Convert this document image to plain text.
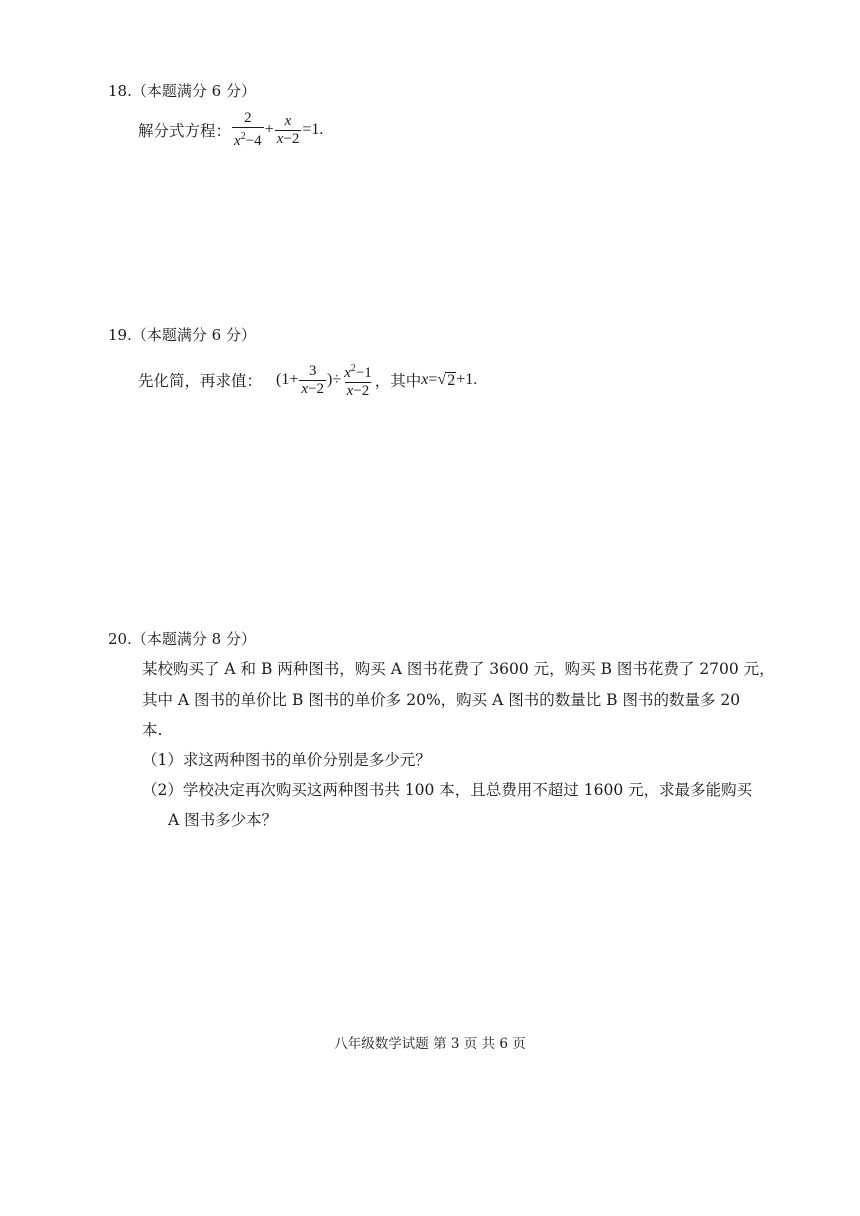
18.（本题满分 6 分）
解分式方程： $\frac{2}{x^2-4} + \frac{x}{x-2} =1$ .
19.（本题满分 6 分）
先化简，再求值： ($1+ \frac{3}{x-2}$ )÷ $\frac{x^2-1}{x-2}$ ，其中 x = √ 2 +1 .
20.（本题满分 8 分）
某校购买了 A 和 B 两种图书，购买 A 图书花费了 3600 元，购买 B 图书花费了 2700 元，
其中 A 图书的单价比 B 图书的单价多 20%，购买 A 图书的数量比 B 图书的数量多 20
本.
（1）求这两种图书的单价分别是多少元？
（2）学校决定再次购买这两种图书共 100 本，且总费用不超过 1600 元，求最多能购买
A 图书多少本？
八年级数学试题 第 3 页 共 6 页
